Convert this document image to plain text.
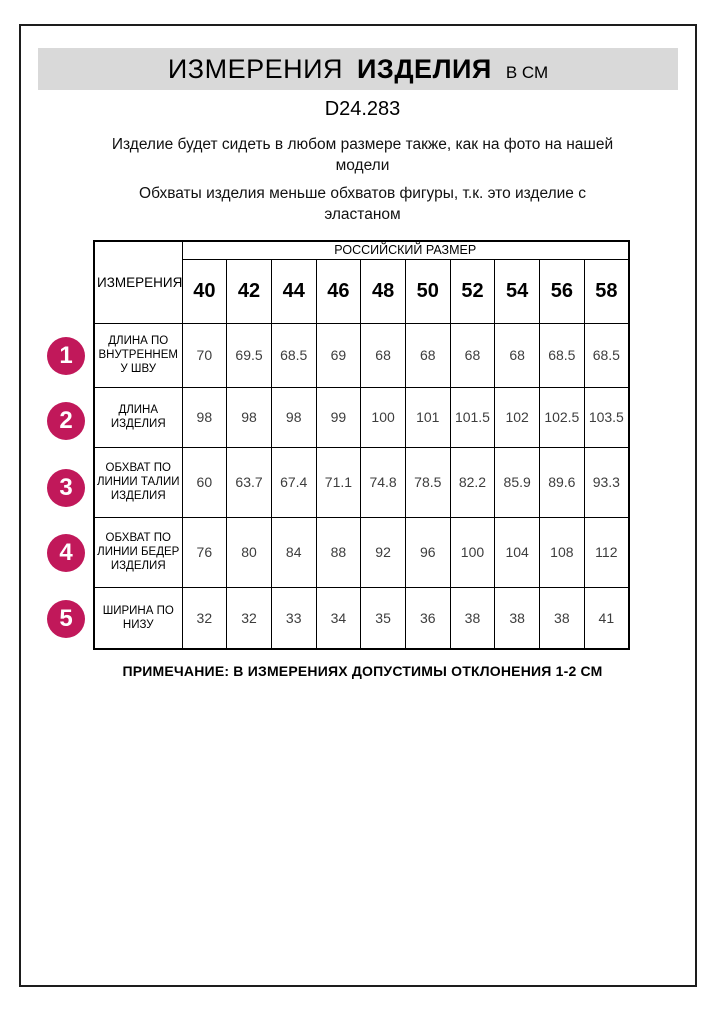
ИЗМЕРЕНИЯ ИЗДЕЛИЯ В СМ
D24.283

Изделие будет сидеть в любом размере также, как на фото на нашей модели

Обхваты изделия меньше обхватов фигуры, т.к. это изделие с эластаном

ИЗМЕРЕНИЯ	РОССИЙСКИЙ РАЗМЕР									
	40	42	44	46	48	50	52	54	56	58
ДЛИНА ПО ВНУТРЕННЕМУ ШВУ	70	69.5	68.5	69	68	68	68	68	68.5	68.5
ДЛИНА ИЗДЕЛИЯ	98	98	98	99	100	101	101.5	102	102.5	103.5
ОБХВАТ ПО ЛИНИИ ТАЛИИ ИЗДЕЛИЯ	60	63.7	67.4	71.1	74.8	78.5	82.2	85.9	89.6	93.3
ОБХВАТ ПО ЛИНИИ БЕДЕР ИЗДЕЛИЯ	76	80	84	88	92	96	100	104	108	112
ШИРИНА ПО НИЗУ	32	32	33	34	35	36	38	38	38	41
1
2
3
4
5

ПРИМЕЧАНИЕ: В ИЗМЕРЕНИЯХ ДОПУСТИМЫ ОТКЛОНЕНИЯ 1-2 СМ
